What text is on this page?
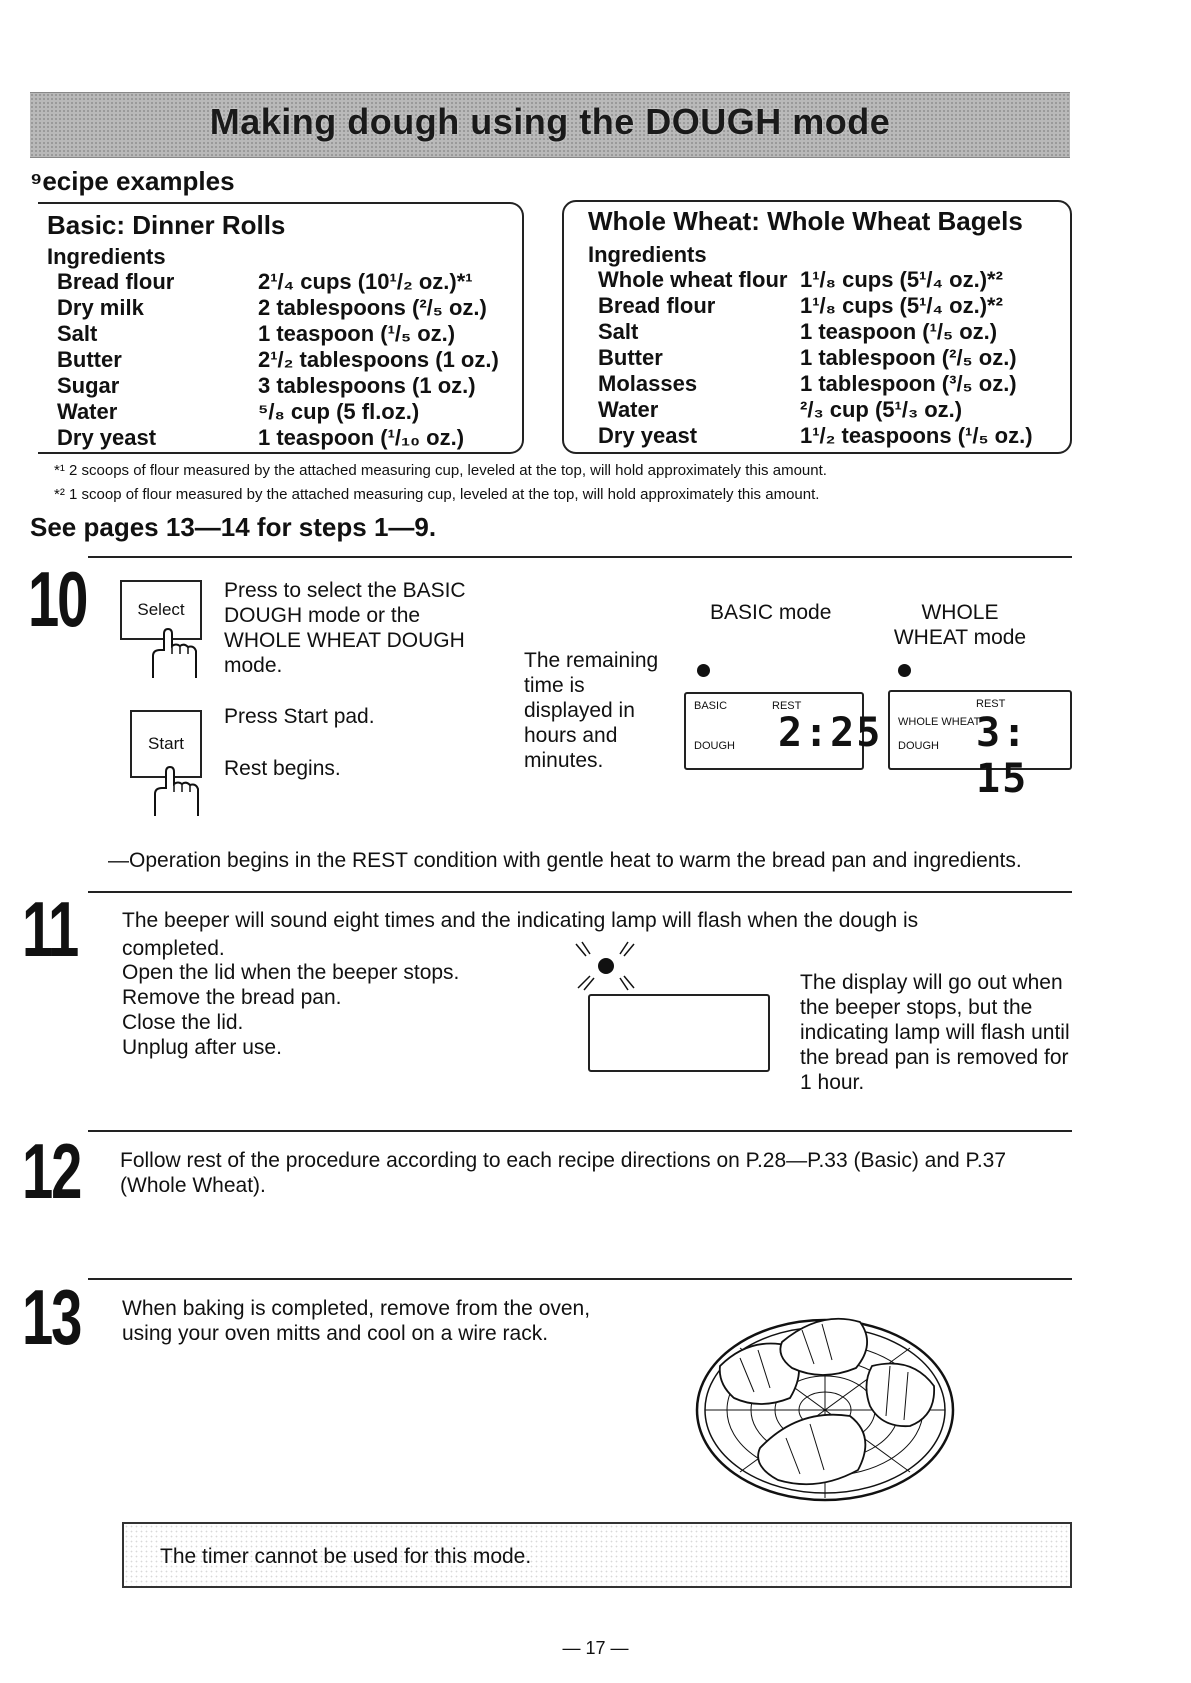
Making dough using the DOUGH mode
⁹ecipe examples
Basic: Dinner Rolls
Ingredients
Bread flour	2¹/₄ cups (10¹/₂ oz.)*¹
Dry milk	2 tablespoons (²/₅ oz.)
Salt	1 teaspoon (¹/₅ oz.)
Butter	2¹/₂ tablespoons (1 oz.)
Sugar	3 tablespoons (1 oz.)
Water	⁵/₈ cup (5 fl.oz.)
Dry yeast	1 teaspoon (¹/₁₀ oz.)
Whole Wheat: Whole Wheat Bagels
Ingredients
Whole wheat flour	1¹/₈ cups (5¹/₄ oz.)*²
Bread flour	1¹/₈ cups (5¹/₄ oz.)*²
Salt	1 teaspoon (¹/₅ oz.)
Butter	1 tablespoon (²/₅ oz.)
Molasses	1 tablespoon (³/₅ oz.)
Water	²/₃ cup (5¹/₃ oz.)
Dry yeast	1¹/₂ teaspoons (¹/₅ oz.)
*¹ 2 scoops of flour measured by the attached measuring cup, leveled at the top, will hold approximately this amount.
*² 1 scoop of flour measured by the attached measuring cup, leveled at the top, will hold approximately this amount.
Ѕee pages 13—14 for steps 1—9.
10	Select
Press to select the BASIC DOUGH mode or the WHOLE WHEAT DOUGH mode.
Start
Press Start pad.
Rest begins.
The remaining time is displayed in hours and minutes.
BASIC mode	WHOLE WHEAT mode
BASIC	REST
DOUGH 2:25 WHOLE WHEAT
REST
DOUGH 3: 15
—Operation begins in the REST condition with gentle heat to warm the bread pan and ingredients.
11 The beeper will sound eight times and the indicating lamp will flash when the dough is
completed.
Open the lid when the beeper stops.
Remove the bread pan.
Close the lid.
Unplug after use.
The display will go out when the beeper stops, but the indicating lamp will flash until the bread pan is removed for 1 hour.
12 Follow rest of the procedure according to each recipe directions on P.28—P.33 (Basic) and P.37 (Whole Wheat).
13 When baking is completed, remove from the oven, using your oven mitts and cool on a wire rack.
The timer cannot be used for this mode.
— 17 —
